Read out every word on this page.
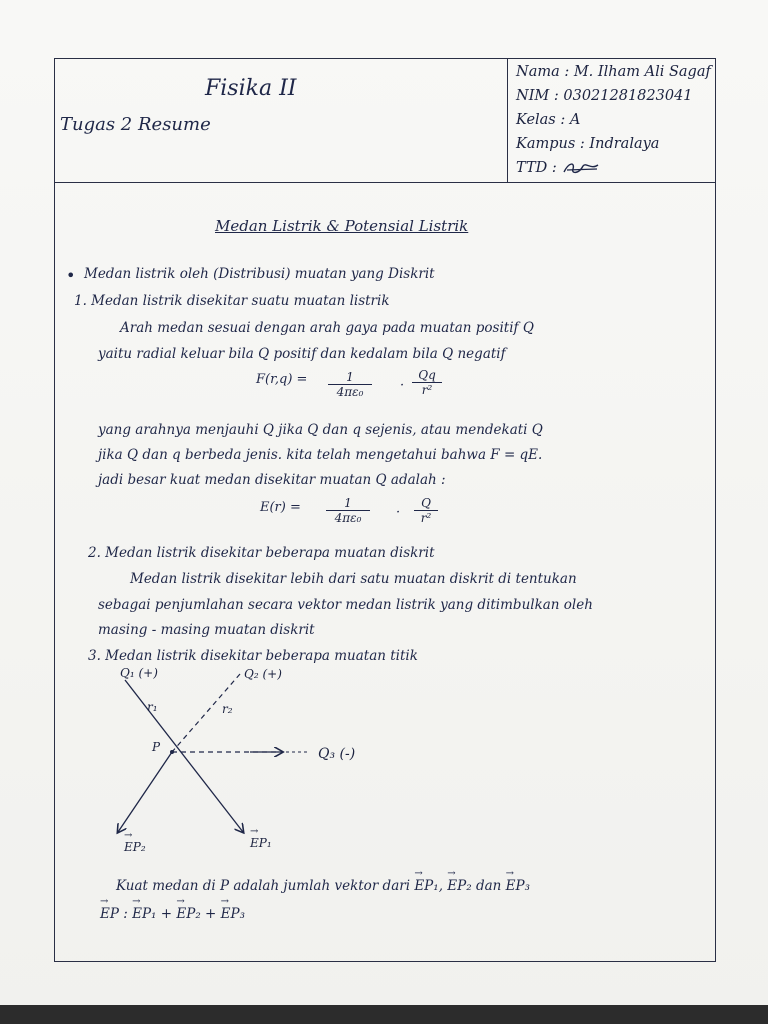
Fisika II
Tugas 2 Resume
Nama : M. Ilham Ali Sagaf
NIM : 03021281823041
Kelas : A
Kampus : Indralaya
TTD :
Medan Listrik & Potensial Listrik
• Medan listrik oleh (Distribusi) muatan yang Diskrit
1. Medan listrik disekitar suatu muatan listrik
Arah medan sesuai dengan arah gaya pada muatan positif Q
yaitu radial keluar bila Q positif dan kedalam bila Q negatif
$F(r,q) = \frac{1}{\text{4πε₀}} \cdot \frac{Qq}{\text{r²}}$
yang arahnya menjauhi Q jika Q dan q sejenis, atau mendekati Q
jika Q dan q berbeda jenis. kita telah mengetahui bahwa F = qE.
jadi besar kuat medan disekitar muatan Q adalah :
$E(r) = \frac{1}{\text{4πε₀}} \cdot \frac{Q}{\text{r²}}$
2. Medan listrik disekitar beberapa muatan diskrit
Medan listrik disekitar lebih dari satu muatan diskrit di tentukan
sebagai penjumlahan secara vektor medan listrik yang ditimbulkan oleh
masing - masing muatan diskrit
3. Medan listrik disekitar beberapa muatan titik
Q₁ (+)	Q₂ (+)
Q₃ (-)
r₁	r₂
P
→ EP₂	→ EP₁
Kuat medan di P adalah jumlah vektor dari → EP₁, → EP₂ dan → EP₃
→ EP : → EP₁ + → EP₂ + → EP₃
